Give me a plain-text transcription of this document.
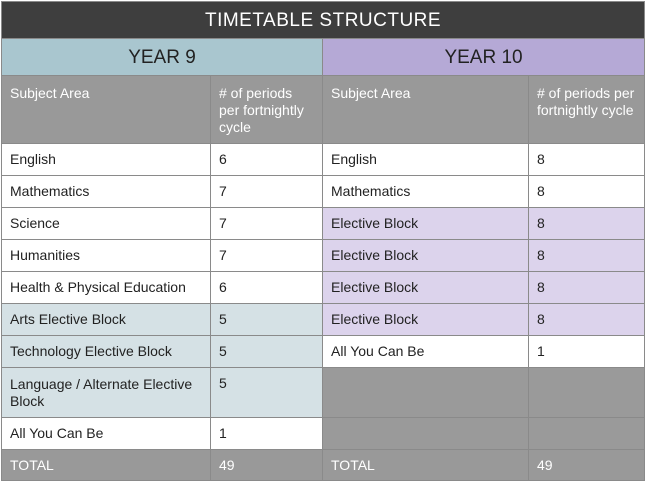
TIMETABLE STRUCTURE			
YEAR 9		YEAR 10	
Subject Area	# of periods per fortnightly cycle	Subject Area	# of periods per fortnightly cycle
English	6	English	8
Mathematics	7	Mathematics	8
Science	7	Elective Block	8
Humanities	7	Elective Block	8
Health & Physical Education	6	Elective Block	8
Arts Elective Block	5	Elective Block	8
Technology Elective Block	5	All You Can Be	1
Language / Alternate Elective Block	5		
All You Can Be	1		
TOTAL	49	TOTAL	49
